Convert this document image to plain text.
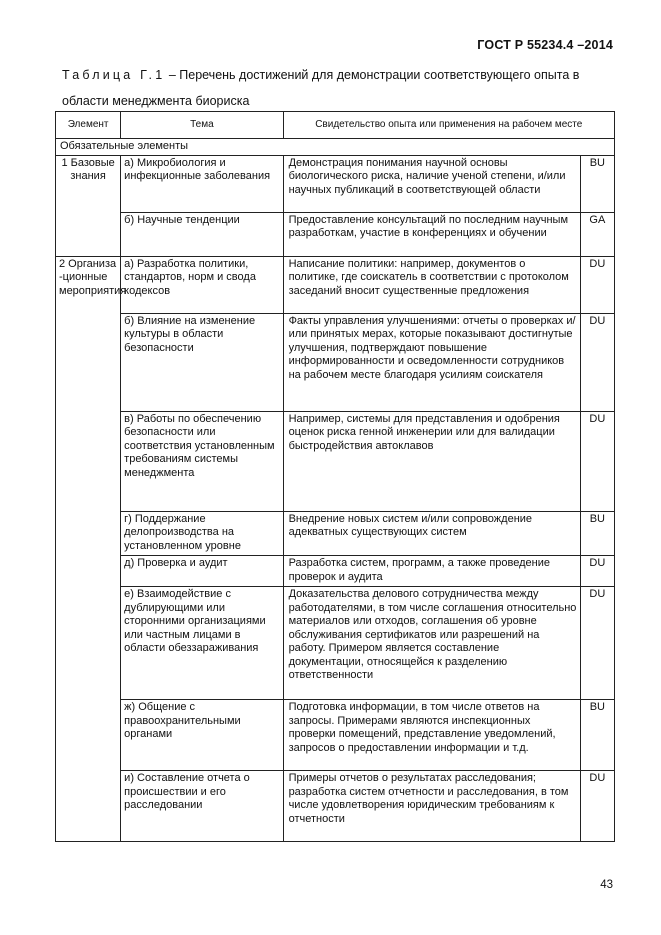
ГОСТ Р 55234.4 –2014
Таблица Г.1 – Перечень достижений для демонстрации соответствующего опыта в области менеджмента биориска
Элемент	Тема	Свидетельство опыта или применения на рабочем месте	
Обязательные элементы			
1 Базовые знания	а) Микробиология и инфекционные заболевания	Демонстрация понимания научной основы биологического риска, наличие ученой степени, и/или научных публикаций в соответствующей области	BU
	б) Научные тенденции	Предоставление консультаций по последним научным разработкам, участие в конференциях и обучении	GA
2 Организа -ционные мероприятия	а) Разработка политики, стандартов, норм и свода кодексов	Написание политики: например, документов о политике, где соискатель в соответствии с протоколом заседаний вносит существенные предложения	DU
	б) Влияние на изменение культуры в области безопасности	Факты управления улучшениями: отчеты о проверках и/или принятых мерах, которые показывают достигнутые улучшения, подтверждают повышение информированности и осведомленности сотрудников на рабочем месте благодаря усилиям соискателя	DU
	в) Работы по обеспечению безопасности или соответствия установленным требованиям системы менеджмента	Например, системы для представления и одобрения оценок риска генной инженерии или для валидации быстродействия автоклавов	DU
	г) Поддержание делопроизводства на установленном уровне	Внедрение новых систем и/или сопровождение адекватных существующих систем	BU
	д) Проверка и аудит	Разработка систем, программ, а также проведение проверок и аудита	DU
	е) Взаимодействие с дублирующими или сторонними организациями или частным лицами в области обеззараживания	Доказательства делового сотрудничества между работодателями, в том числе соглашения относительно материалов или отходов, соглашения об уровне обслуживания сертификатов или разрешений на работу. Примером является составление документации, относящейся к разделению ответственности	DU
	ж) Общение с правоохранительными органами	Подготовка информации, в том числе ответов на запросы. Примерами являются инспекционных проверки помещений, представление уведомлений, запросов о предоставлении информации и т.д.	BU
	и) Составление отчета о происшествии и его расследовании	Примеры отчетов о результатах расследования; разработка систем отчетности и расследования, в том числе удовлетворения юридическим требованиям к отчетности	DU
43
